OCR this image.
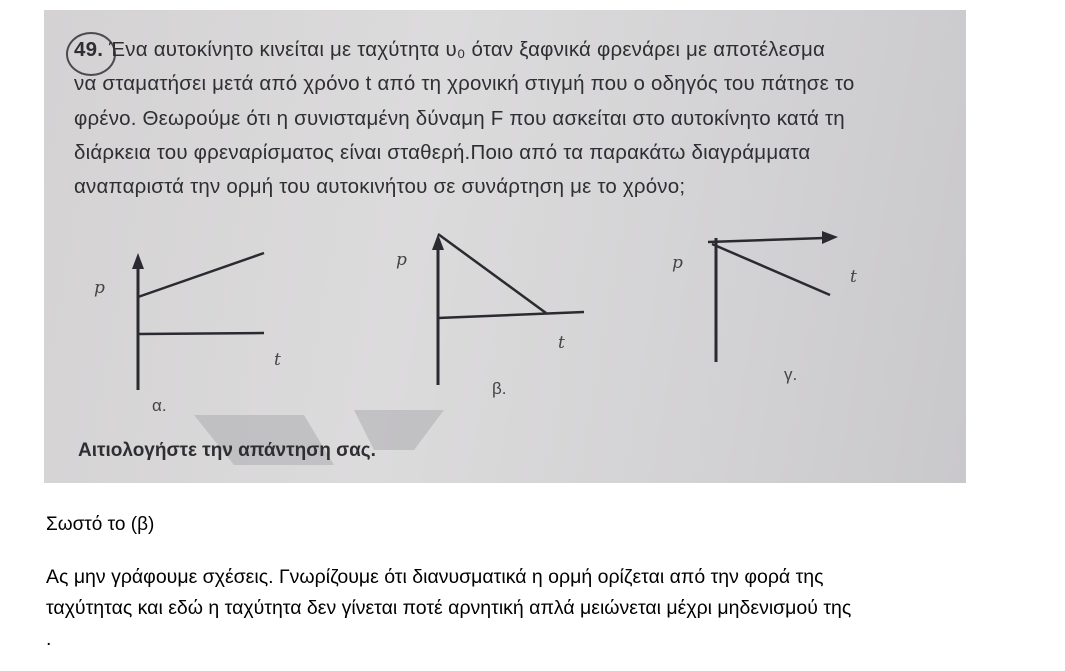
49. Ένα αυτοκίνητο κινείται με ταχύτητα υ₀ όταν ξαφνικά φρενάρει με αποτέλεσμα
να σταματήσει μετά από χρόνο t από τη χρονική στιγμή που ο οδηγός του πάτησε το
φρένο. Θεωρούμε ότι η συνισταμένη δύναμη F που ασκείται στο αυτοκίνητο κατά τη
διάρκεια του φρεναρίσματος είναι σταθερή.Ποιο από τα παρακάτω διαγράμματα
αναπαριστά την ορμή του αυτοκινήτου σε συνάρτηση με το χρόνο;
p
t
α.
p
t
β.
p
t
γ.
Αιτιολογήστε την απάντηση σας.
Σωστό το (β)
Ας μην γράφουμε σχέσεις. Γνωρίζουμε ότι διανυσματικά η ορμή ορίζεται από την φορά της
ταχύτητας και εδώ η ταχύτητα δεν γίνεται ποτέ αρνητική απλά μειώνεται μέχρι μηδενισμού της
.
